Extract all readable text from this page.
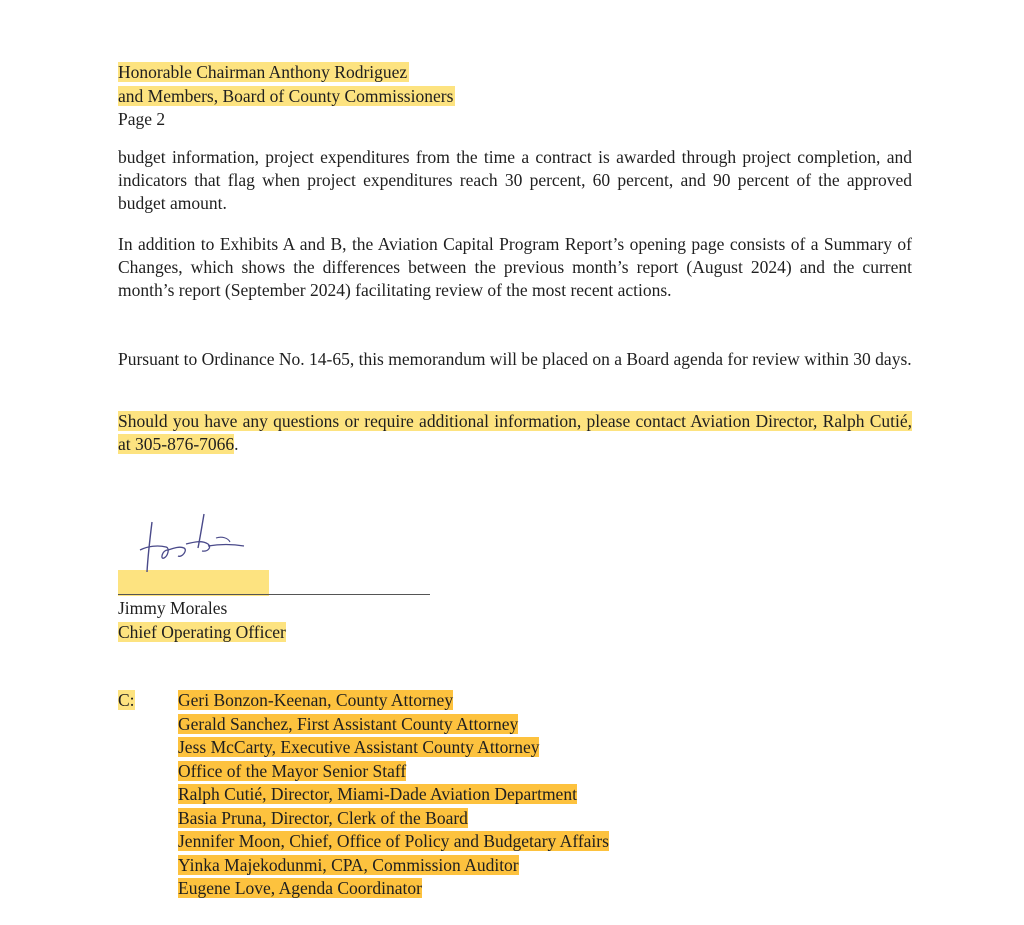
Honorable Chairman Anthony Rodriguez
and Members, Board of County Commissioners
Page 2

budget information, project expenditures from the time a contract is awarded through project completion, and indicators that flag when project expenditures reach 30 percent, 60 percent, and 90 percent of the approved budget amount.

In addition to Exhibits A and B, the Aviation Capital Program Report’s opening page consists of a Summary of Changes, which shows the differences between the previous month’s report (August 2024) and the current month’s report (September 2024) facilitating review of the most recent actions.

Pursuant to Ordinance No. 14-65, this memorandum will be placed on a Board agenda for review within 30 days.

Should you have any questions or require additional information, please contact Aviation Director, Ralph Cutié, at 305-876-7066.

Jimmy Morales
Chief Operating Officer
C: Geri Bonzon-Keenan, County Attorney
Gerald Sanchez, First Assistant County Attorney
Jess McCarty, Executive Assistant County Attorney
Office of the Mayor Senior Staff
Ralph Cutié, Director, Miami-Dade Aviation Department
Basia Pruna, Director, Clerk of the Board
Jennifer Moon, Chief, Office of Policy and Budgetary Affairs
Yinka Majekodunmi, CPA, Commission Auditor
Eugene Love, Agenda Coordinator
